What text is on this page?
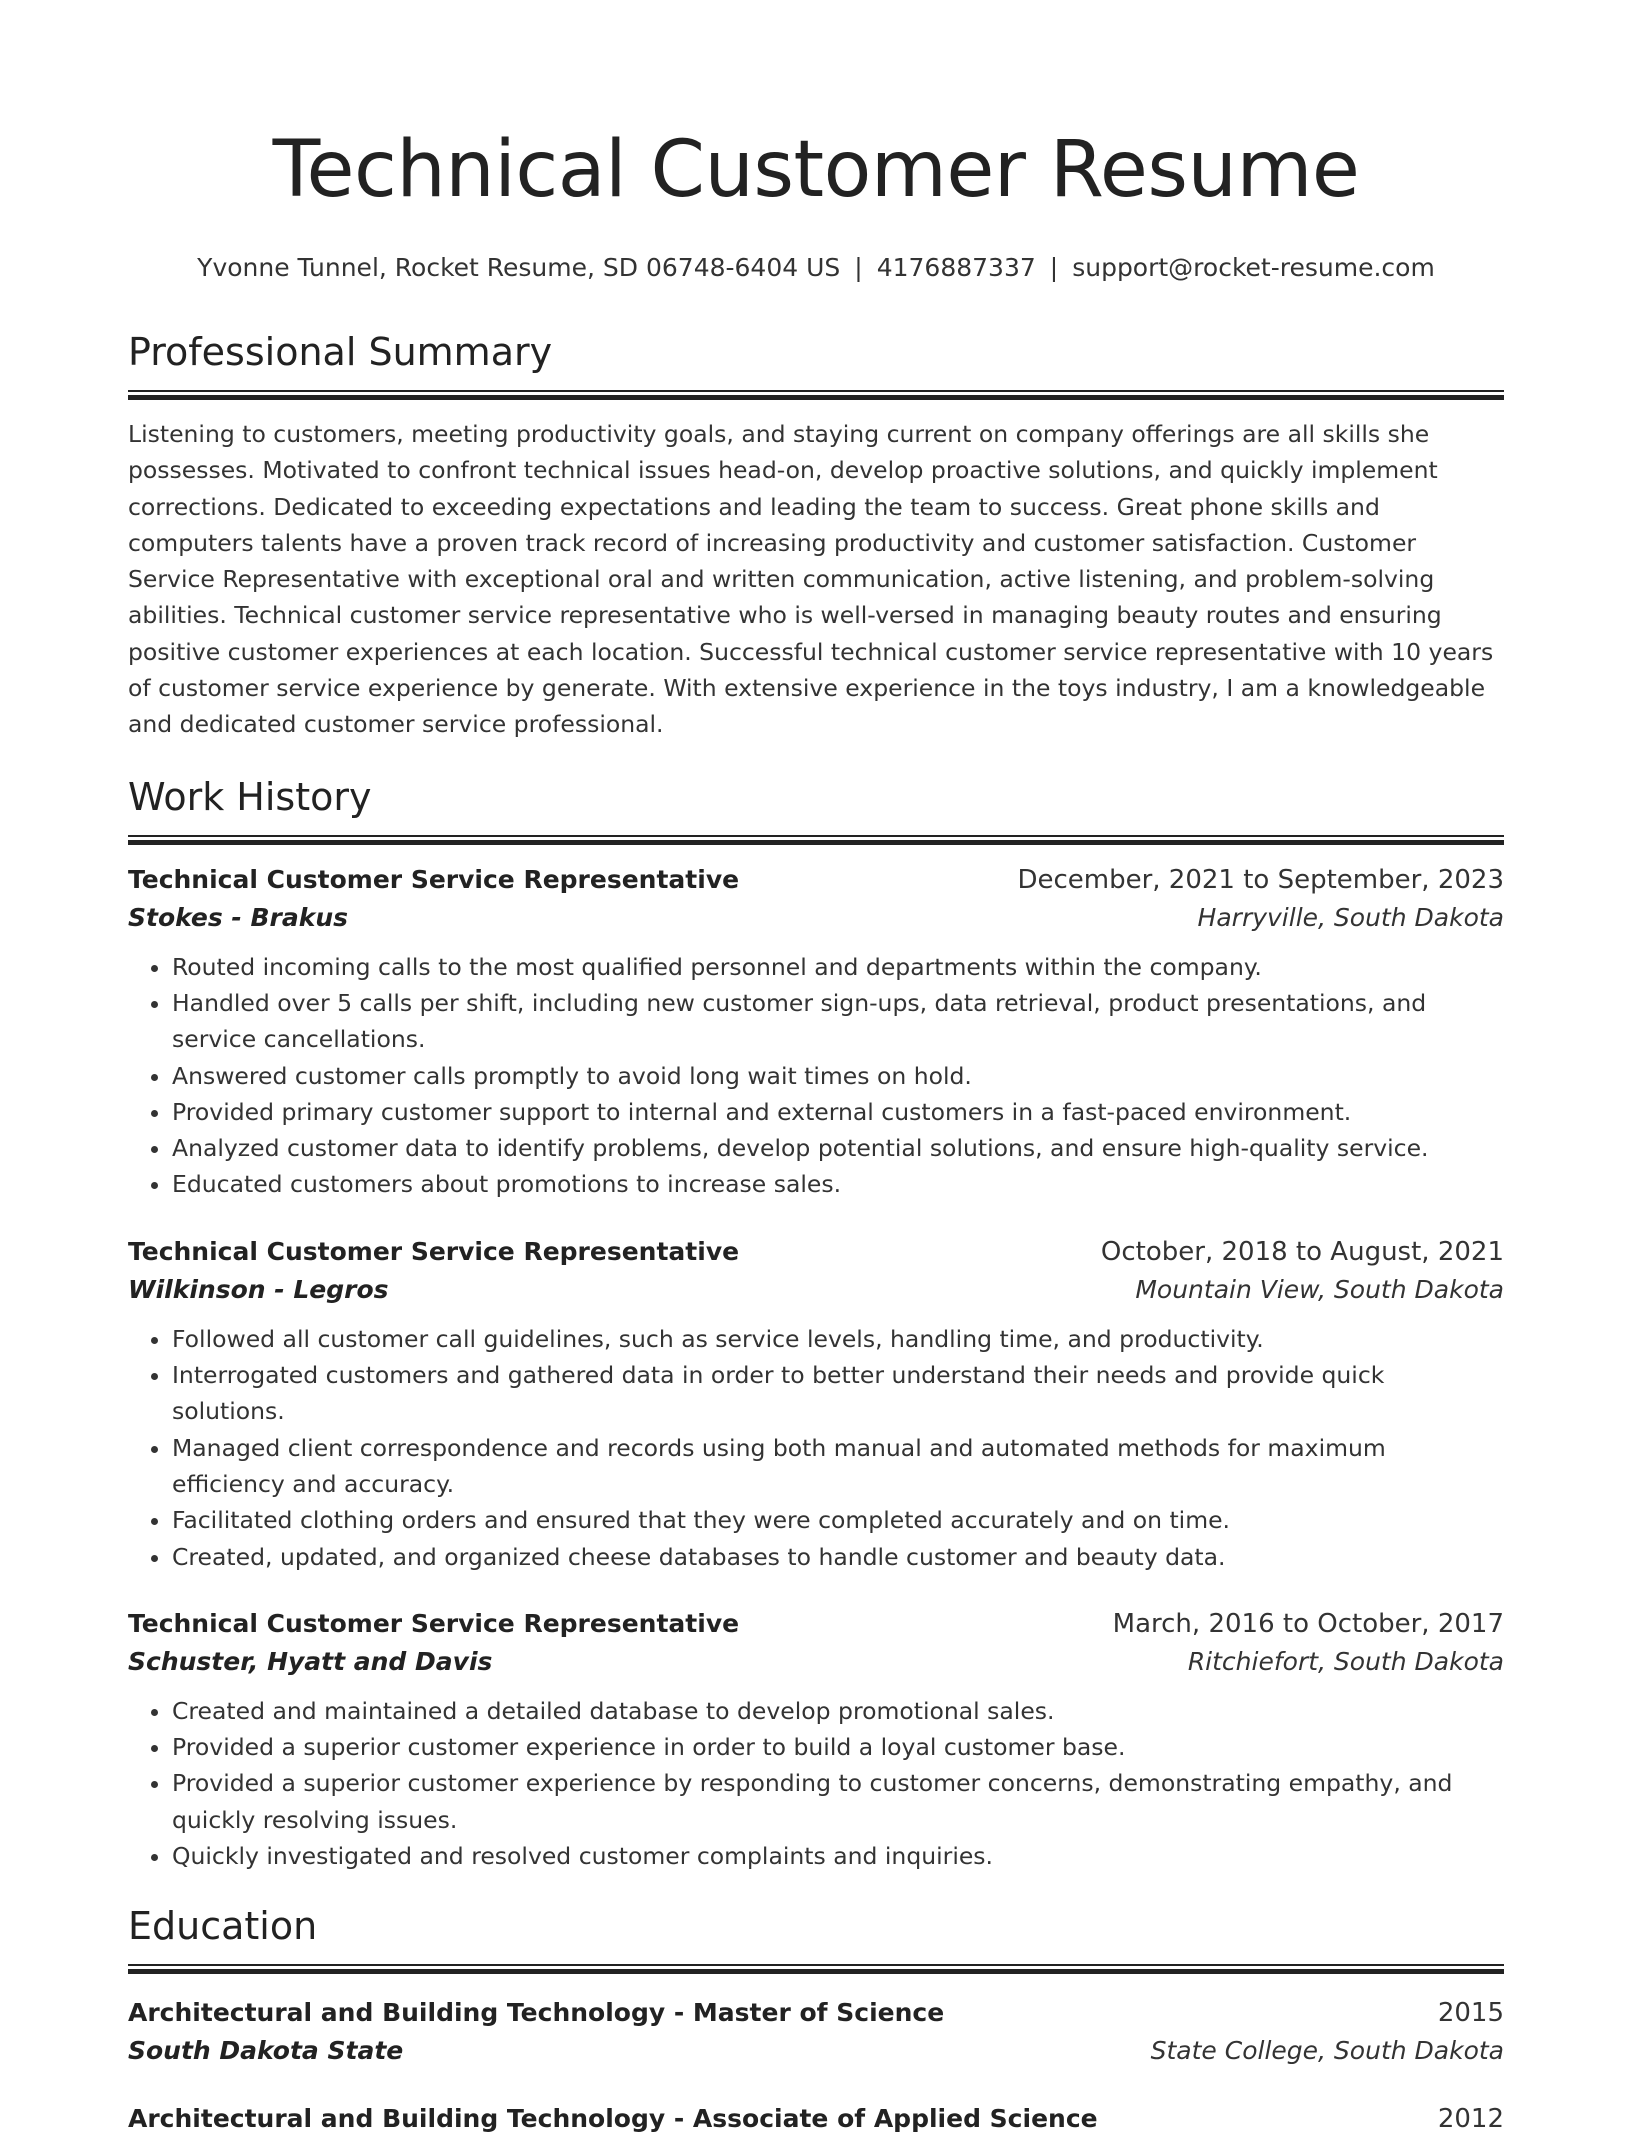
Technical Customer Resume
Yvonne Tunnel, Rocket Resume, SD 06748-6404 US | 4176887337 | support@rocket-resume.com
Professional Summary
Listening to customers, meeting productivity goals, and staying current on company offerings are all skills she possesses. Motivated to confront technical issues head-on, develop proactive solutions, and quickly implement corrections. Dedicated to exceeding expectations and leading the team to success. Great phone skills and computers talents have a proven track record of increasing productivity and customer satisfaction. Customer Service Representative with exceptional oral and written communication, active listening, and problem-solving abilities. Technical customer service representative who is well-versed in managing beauty routes and ensuring positive customer experiences at each location. Successful technical customer service representative with 10 years of customer service experience by generate. With extensive experience in the toys industry, I am a knowledgeable and dedicated customer service professional.
Work History
Technical Customer Service Representative	December, 2021 to September, 2023
Stokes - Brakus	Harryville, South Dakota
• Routed incoming calls to the most qualified personnel and departments within the company.
• Handled over 5 calls per shift, including new customer sign-ups, data retrieval, product presentations, and service cancellations.
• Answered customer calls promptly to avoid long wait times on hold.
• Provided primary customer support to internal and external customers in a fast-paced environment.
• Analyzed customer data to identify problems, develop potential solutions, and ensure high-quality service.
• Educated customers about promotions to increase sales.
Technical Customer Service Representative	October, 2018 to August, 2021
Wilkinson - Legros	Mountain View, South Dakota
• Followed all customer call guidelines, such as service levels, handling time, and productivity.
• Interrogated customers and gathered data in order to better understand their needs and provide quick solutions.
• Managed client correspondence and records using both manual and automated methods for maximum efficiency and accuracy.
• Facilitated clothing orders and ensured that they were completed accurately and on time.
• Created, updated, and organized cheese databases to handle customer and beauty data.
Technical Customer Service Representative	March, 2016 to October, 2017
Schuster, Hyatt and Davis	Ritchiefort, South Dakota
• Created and maintained a detailed database to develop promotional sales.
• Provided a superior customer experience in order to build a loyal customer base.
• Provided a superior customer experience by responding to customer concerns, demonstrating empathy, and quickly resolving issues.
• Quickly investigated and resolved customer complaints and inquiries.
Education
Architectural and Building Technology - Master of Science	2015
South Dakota State	State College, South Dakota
Architectural and Building Technology - Associate of Applied Science	2012
